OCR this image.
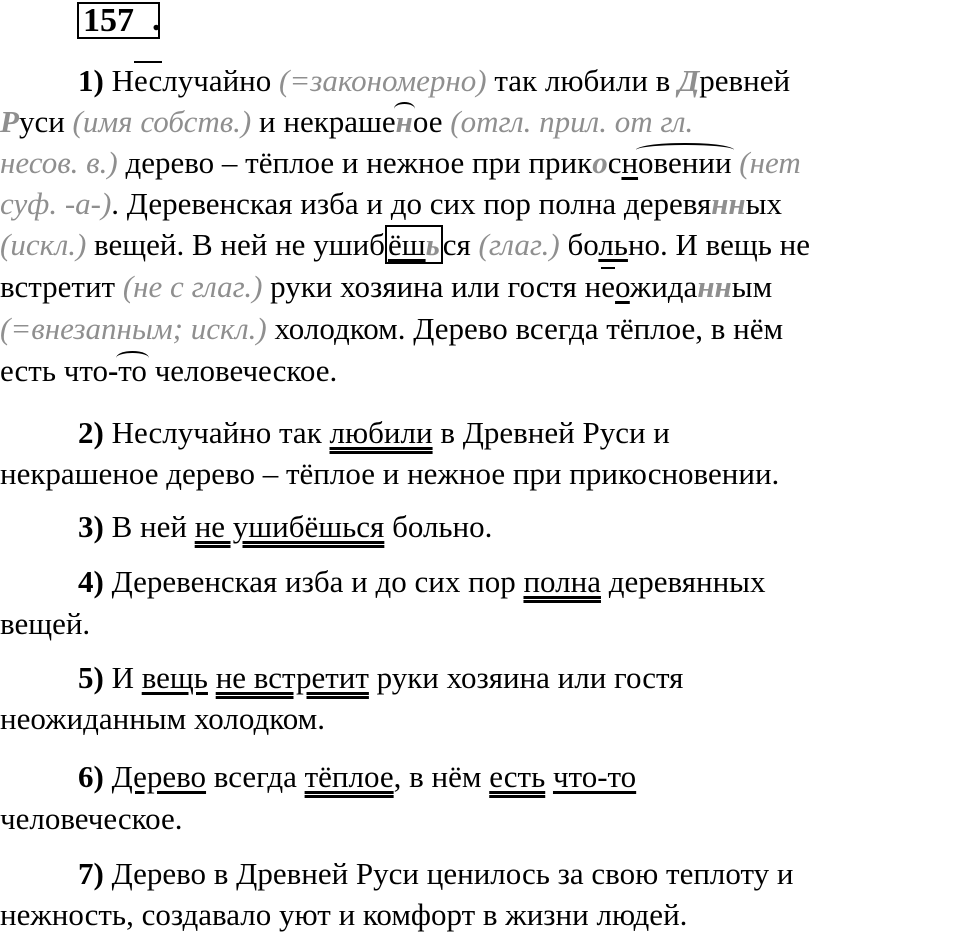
157 .
1) Неслучайно (=закономерно) так любили в Древней
Руси (имя собств.) и некрашеное (отгл. прил. от гл.
несов. в.) дерево – тёплое и нежное при прикосновении (нет
суф. -а-). Деревенская изба и до сих пор полна деревянных
(искл.) вещей. В ней не ушибёшься (глаг.) больно. И вещь не
встретит (не с глаг.) руки хозяина или гостя неожиданным
(=внезапным; искл.) холодком. Дерево всегда тёплое, в нём
есть что-то человеческое.
2) Неслучайно так любили в Древней Руси и
некрашеное дерево – тёплое и нежное при прикосновении.
3) В ней не ушибёшься больно.
4) Деревенская изба и до сих пор полна деревянных
вещей.
5) И вещь не встретит руки хозяина или гостя
неожиданным холодком.
6) Дерево всегда тёплое, в нём есть что-то
человеческое.
7) Дерево в Древней Руси ценилось за свою теплоту и
нежность, создавало уют и комфорт в жизни людей.
